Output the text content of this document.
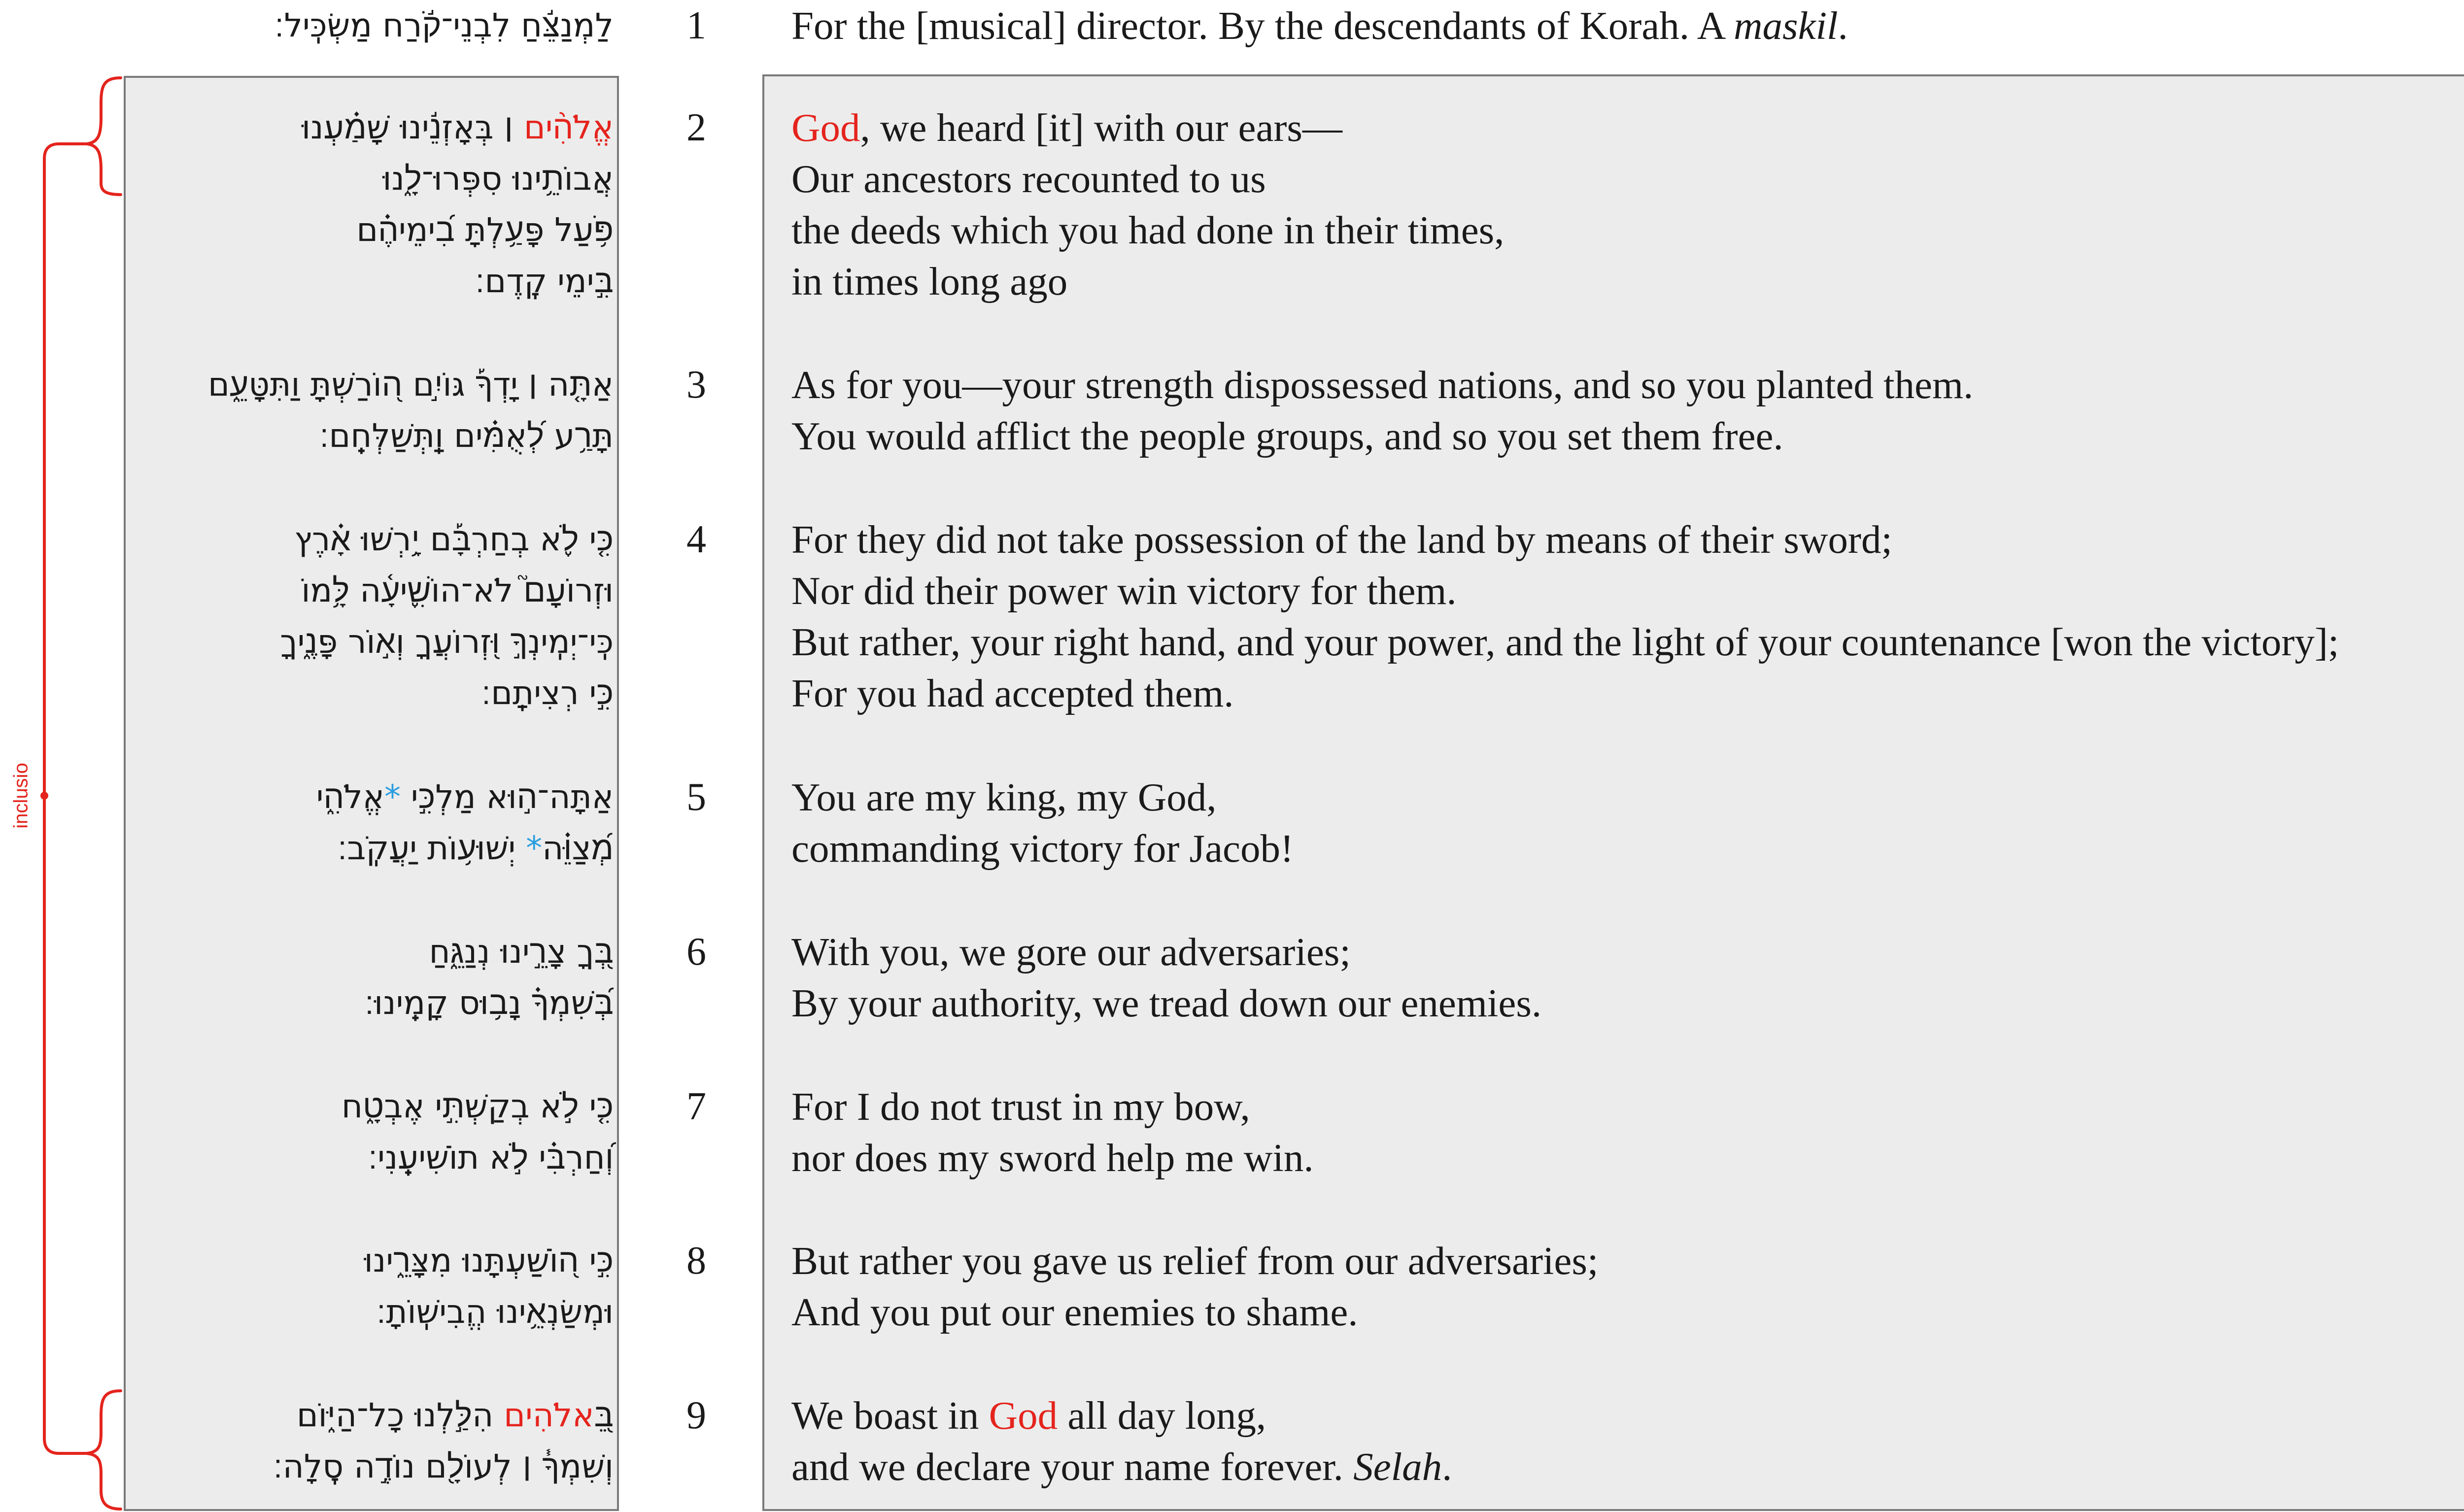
inclusio
לַמְנַצֵּ֬חַ לִבְנֵי־קֹ֬רַח מַשְׂכִּֽיל׃ 1 For the [musical] director. By the descendants of Korah. A maskil.
אֱלֹהִ֨ים ׀ בְּאָזְנֵ֬ינוּ שָׁמַ֗עְנוּ
אֲבוֹתֵ֥ינוּ סִפְּרוּ־לָ֑נוּ
פֹּ֥עַל פָּעַ֥לְתָּ בִ֝ימֵיהֶ֗ם
בִּ֣ימֵי קֶֽדֶם׃
2 God, we heard [it] with our ears—
Our ancestors recounted to us
the deeds which you had done in their times,
in times long ago
אַתָּ֤ה ׀ יָדְךָ֡ גּוֹיִ֣ם ה֭וֹרַשְׁתָּ וַתִּטָּעֵ֑ם
תָּרַ֥ע לְ֝אֻמִּ֗ים וַֽתְּשַׁלְּחֵֽם׃
3 As for you—your strength dispossessed nations, and so you planted them.
You would afflict the people groups, and so you set them free.
כִּ֤י לֹ֪א בְחַרְבָּ֡ם יָ֥רְשׁוּ אָ֗רֶץ
וּזְרוֹעָם֮ לֹא־הוֹשִׁ֪יעָ֫ה לָּ֥מוֹ
כִּֽי־יְמִֽינְךָ֣ וּ֭זְרוֹעֲךָ וְא֣וֹר פָּנֶ֑יךָ
כִּ֣י רְצִיתָֽם׃
4 For they did not take possession of the land by means of their sword;
Nor did their power win victory for them.
But rather, your right hand, and your power, and the light of your countenance [won the victory];
For you had accepted them.
אַתָּה־ה֣וּא מַלְכִּ֣י *אֱלֹהִ֑י
מְ֝צַוֵּ֗ה* יְשׁוּע֥וֹת יַעֲקֹֽב׃
5 You are my king, my God,
commanding victory for Jacob!
בְּ֭ךָ צָרֵ֣ינוּ נְנַגֵּ֑חַ
בְּ֝שִׁמְךָ֗ נָב֥וּס קָמֵֽינוּ׃
6 With you, we gore our adversaries;
By your authority, we tread down our enemies.
כִּ֤י לֹ֣א בְקַשְׁתִּ֣י אֶבְטָ֑ח
וְ֝חַרְבִּ֗י לֹ֣א תוֹשִׁיעֵֽנִי׃
7 For I do not trust in my bow,
nor does my sword help me win.
כִּ֣י ה֭וֹשַׁעְתָּנוּ מִצָּרֵ֑ינוּ
וּמְשַׂנְאֵ֥ינוּ הֱבִישֽׁוֹתָ׃
8 But rather you gave us relief from our adversaries;
And you put our enemies to shame.
בֵּ֭אלֹהִים הִלַּ֣לְנוּ כָל־הַיּ֑וֹם
וְשִׁמְךָ֓ ׀ לְעוֹלָ֖ם נוֹדֶ֣ה סֶֽלָה׃
9 We boast in God all day long,
and we declare your name forever. Selah.
